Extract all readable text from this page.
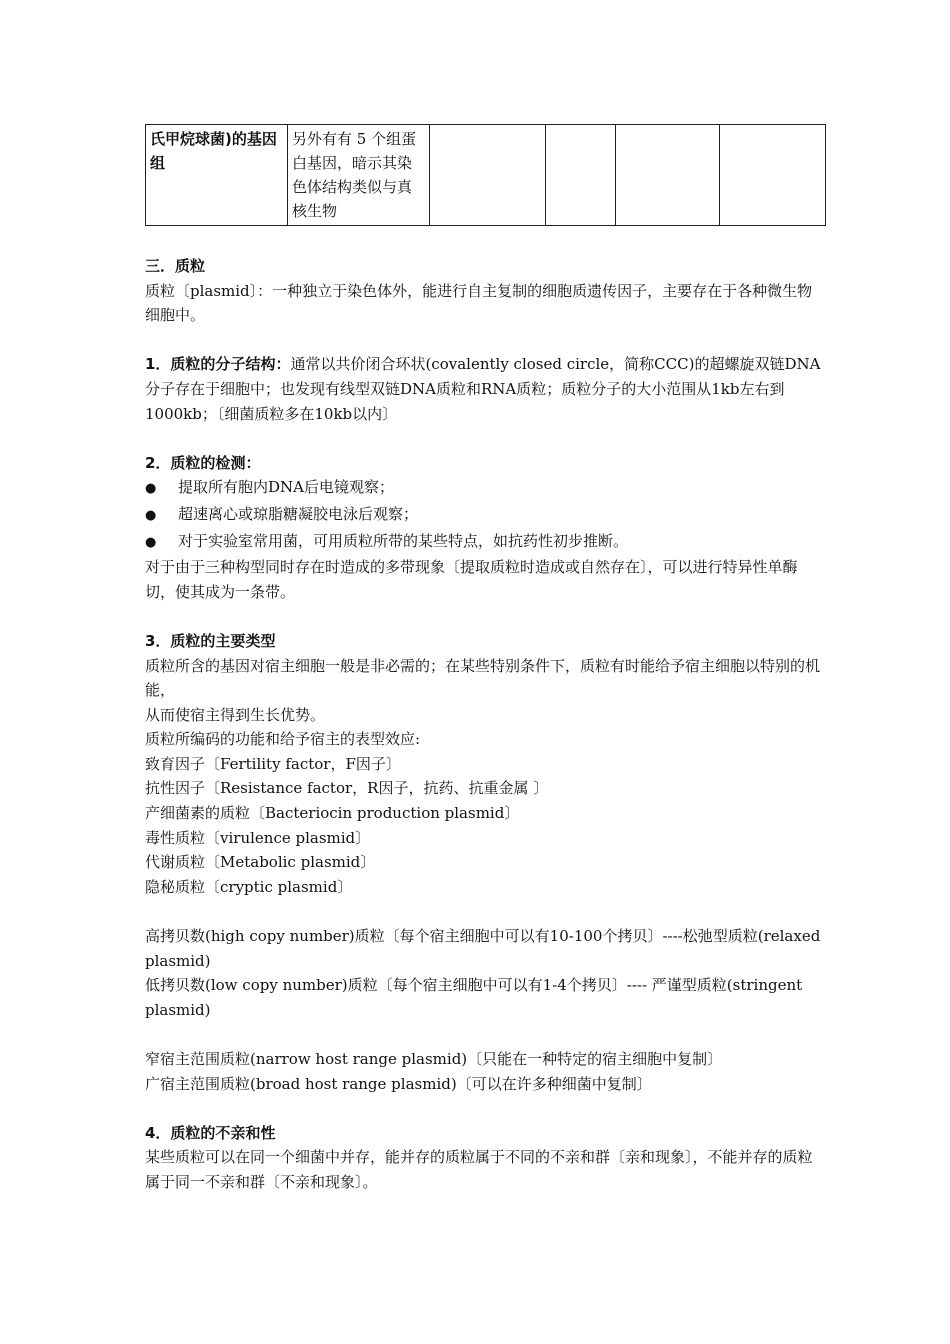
氏甲烷球菌)的基因组	另外有有 5 个组蛋白基因，暗示其染色体结构类似与真核生物				

三．质粒

质粒〔plasmid〕：一种独立于染色体外，能进行自主复制的细胞质遗传因子，主要存在于各种微生物细胞中。

1．质粒的分子结构：通常以共价闭合环状(covalently closed circle，简称CCC)的超螺旋双链DNA分子存在于细胞中；也发现有线型双链DNA质粒和RNA质粒；质粒分子的大小范围从1kb左右到1000kb；〔细菌质粒多在10kb以内〕

2．质粒的检测：

●
提取所有胞内DNA后电镜观察；
●
超速离心或琼脂糖凝胶电泳后观察；
●
对于实验室常用菌，可用质粒所带的某些特点，如抗药性初步推断。

对于由于三种构型同时存在时造成的多带现象〔提取质粒时造成或自然存在〕，可以进行特异性单酶切，使其成为一条带。

3．质粒的主要类型

质粒所含的基因对宿主细胞一般是非必需的；在某些特别条件下，质粒有时能给予宿主细胞以特别的机能，

从而使宿主得到生长优势。

质粒所编码的功能和给予宿主的表型效应:

致育因子〔Fertility factor，F因子〕

抗性因子〔Resistance factor，R因子，抗药、抗重金属 〕

产细菌素的质粒〔Bacteriocin production plasmid〕

毒性质粒〔virulence plasmid〕

代谢质粒〔Metabolic plasmid〕

隐秘质粒〔cryptic plasmid〕

高拷贝数(high copy number)质粒〔每个宿主细胞中可以有10-100个拷贝〕----松弛型质粒(relaxed plasmid)

低拷贝数(low copy number)质粒〔每个宿主细胞中可以有1-4个拷贝〕---- 严谨型质粒(stringent plasmid)

窄宿主范围质粒(narrow host range plasmid)〔只能在一种特定的宿主细胞中复制〕

广宿主范围质粒(broad host range plasmid)〔可以在许多种细菌中复制〕

4．质粒的不亲和性

某些质粒可以在同一个细菌中并存，能并存的质粒属于不同的不亲和群〔亲和现象〕，不能并存的质粒属于同一不亲和群〔不亲和现象〕。
